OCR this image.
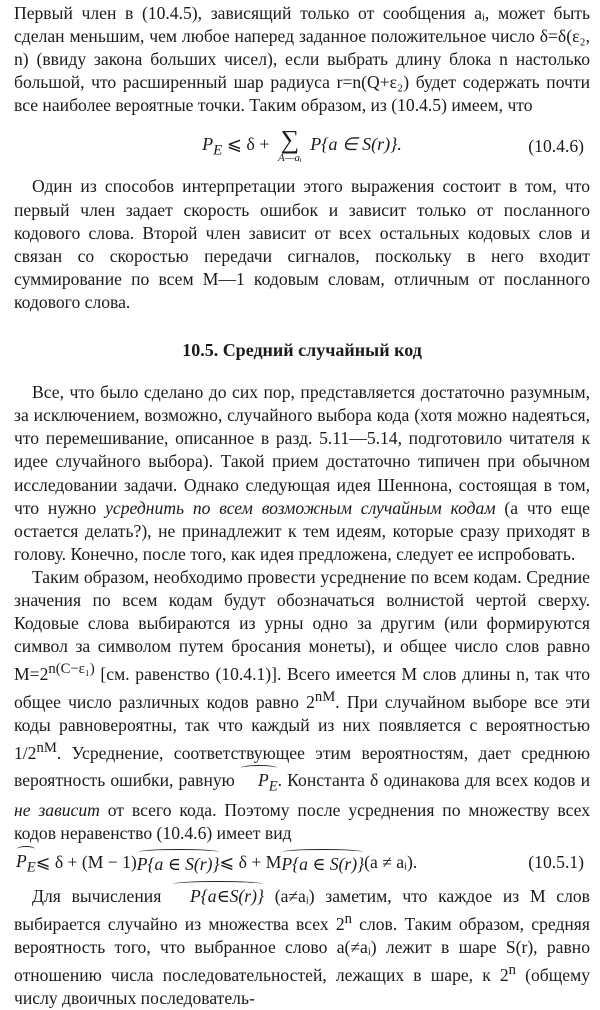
Первый член в (10.4.5), зависящий только от сообщения aᵢ, может быть сделан меньшим, чем любое наперед заданное положительное число δ=δ(ε₂, n) (ввиду закона больших чисел), если выбрать длину блока n настолько большой, что расширенный шар радиуса r=n(Q+ε₂) будет содержать почти все наиболее вероятные точки. Таким образом, из (10.4.5) имеем, что

$P_E$ ⩽ δ + ∑
A—aᵢ
P{a ∈ S(r)}.	(10.4.6)

Один из способов интерпретации этого выражения состоит в том, что первый член задает скорость ошибок и зависит только от посланного кодового слова. Второй член зависит от всех остальных кодовых слов и связан со скоростью передачи сигналов, поскольку в него входит суммирование по всем M—1 кодовым словам, отличным от посланного кодового слова.

10.5. Средний случайный код

Все, что было сделано до сих пор, представляется достаточно разумным, за исключением, возможно, случайного выбора кода (хотя можно надеяться, что перемешивание, описанное в разд. 5.11—5.14, подготовило читателя к идее случайного выбора). Такой прием достаточно типичен при обычном исследовании задачи. Однако следующая идея Шеннона, состоящая в том, что нужно усреднить по всем возможным случайным кодам (а что еще остается делать?), не принадлежит к тем идеям, которые сразу приходят в голову. Конечно, после того, как идея предложена, следует ее испробовать.

Таким образом, необходимо провести усреднение по всем кодам. Средние значения по всем кодам будут обозначаться волнистой чертой сверху. Кодовые слова выбираются из урны одно за другим (или формируются символ за символом путем бросания монеты), и общее число слов равно $M=2^{n(C-\varepsilon_1)}$ [см. равенство (10.4.1)]. Всего имеется M слов длины n, так что общее число различных кодов равно $2^{nM}$. При случайном выборе все эти коды равновероятны, так что каждый из них появляется с вероятностью $1/2^{nM}$. Усреднение, соответствующее этим вероятностям, дает среднюю вероятность ошибки, равную $P_E$. Константа δ одинакова для всех кодов и не зависит от всего кода. Поэтому после усреднения по множеству всех кодов неравенство (10.4.6) имеет вид

$P_E$ ⩽ δ + (M − 1) P{a ∈ S(r)} ⩽ δ + M P{a ∈ S(r)} (a ≠ aᵢ).	(10.5.1)

Для вычисления P{a∈S(r)} (a≠aᵢ) заметим, что каждое из M слов выбирается случайно из множества всех 2$^n$ слов. Таким образом, средняя вероятность того, что выбранное слово a(≠aᵢ) лежит в шаре S(r), равно отношению числа последовательностей, лежащих в шаре, к 2$^n$ (общему числу двоичных последователь-
